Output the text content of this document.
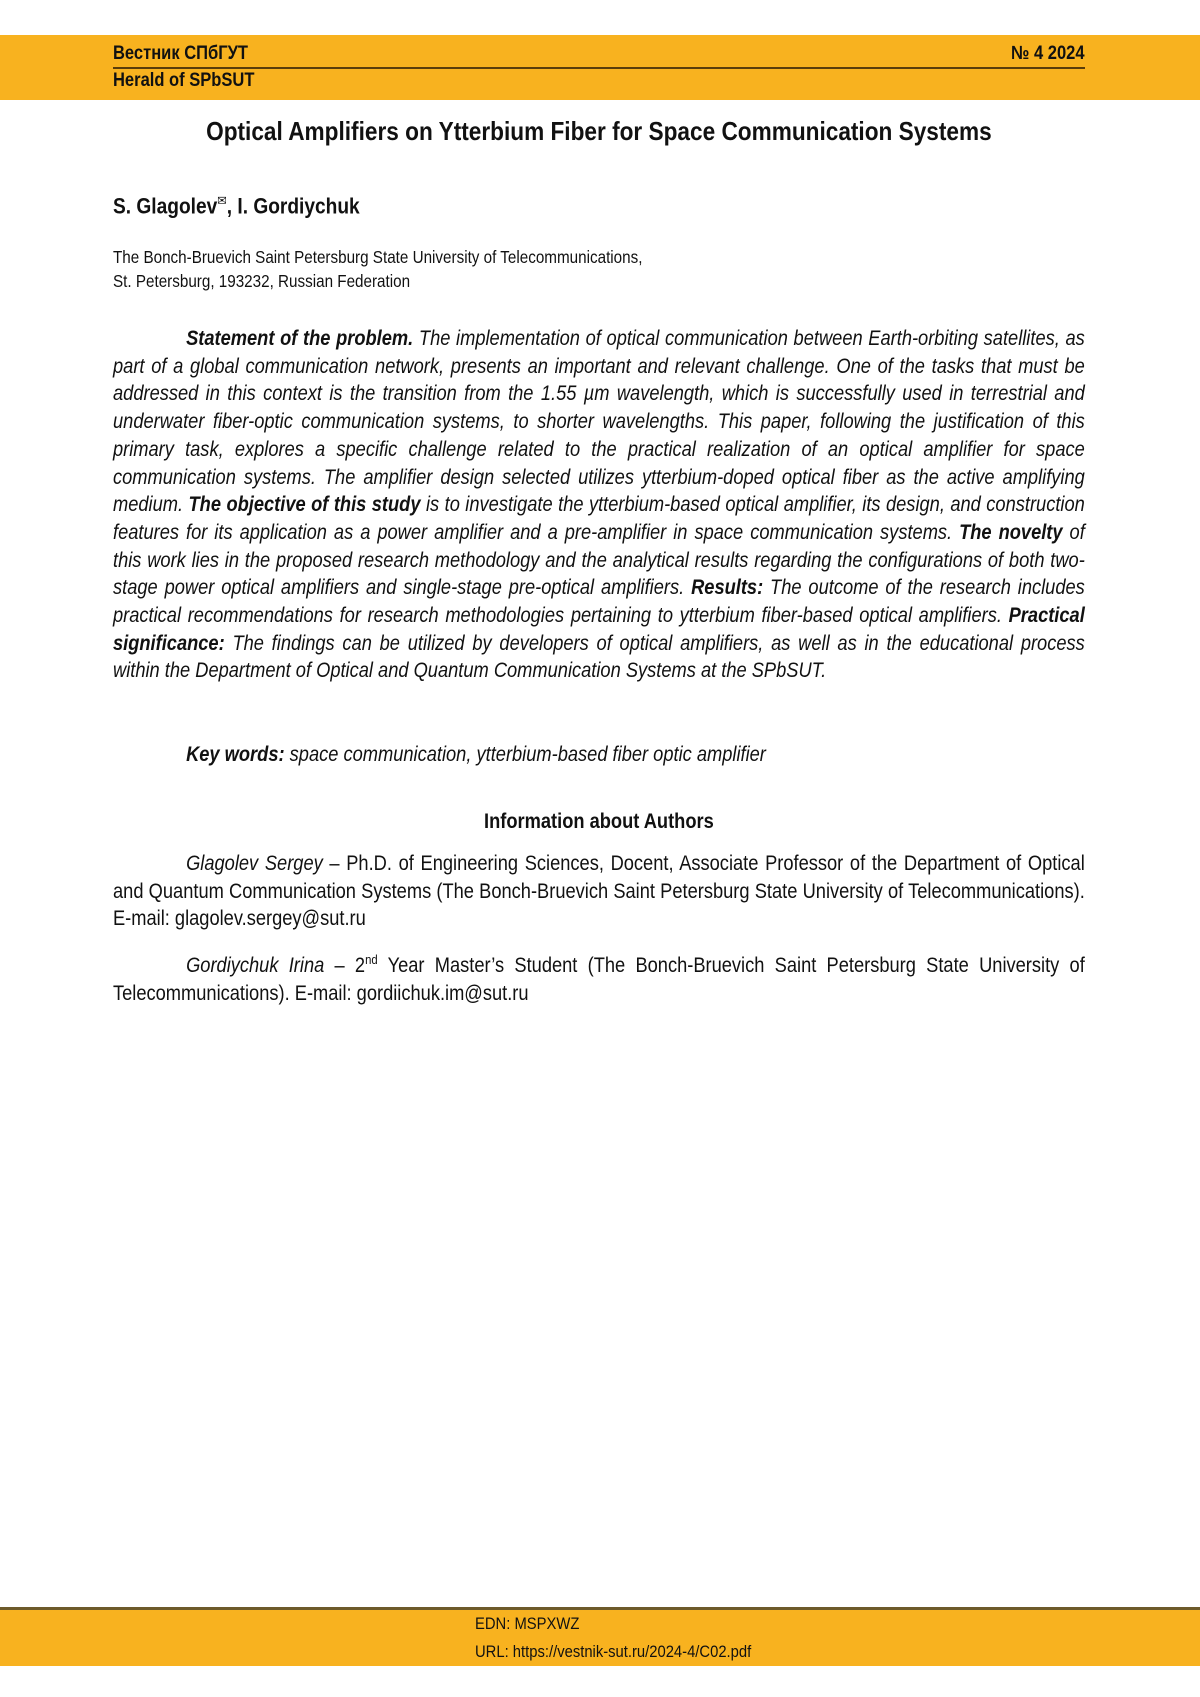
Вестник СПбГУТ	№ 4 2024
Herald of SPbSUT
Optical Amplifiers on Ytterbium Fiber for Space Communication Systems
S. Glagolev✉, I. Gordiychuk
The Bonch-Bruevich Saint Petersburg State University of Telecommunications,
St. Petersburg, 193232, Russian Federation
Statement of the problem. The implementation of optical communication between Earth-orbiting satellites, as part of a global communication network, presents an important and relevant challenge. One of the tasks that must be addressed in this context is the transition from the 1.55 µm wavelength, which is successfully used in terrestrial and underwater fiber-optic communication systems, to shorter wavelengths. This paper, following the justification of this primary task, explores a specific challenge related to the practical realization of an optical amplifier for space communication systems. The amplifier design selected utilizes ytterbium-doped optical fiber as the active amplifying medium. The objective of this study is to investigate the ytterbium-based optical amplifier, its design, and construction features for its application as a power amplifier and a pre-amplifier in space communication systems. The novelty of this work lies in the proposed research methodology and the analytical results regarding the configurations of both two-stage power optical amplifiers and single-stage pre-optical amplifiers. Results: The outcome of the research includes practical recommendations for research methodologies pertaining to ytterbium fiber-based optical amplifiers. Practical significance: The findings can be utilized by developers of optical amplifiers, as well as in the educational process within the Department of Optical and Quantum Communication Systems at the SPbSUT.
Key words: space communication, ytterbium-based fiber optic amplifier
Information about Authors
Glagolev Sergey – Ph.D. of Engineering Sciences, Docent, Associate Professor of the Department of Optical and Quantum Communication Systems (The Bonch-Bruevich Saint Petersburg State University of Telecommunications). E-mail: glagolev.sergey@sut.ru
Gordiychuk Irina – 2nd Year Master’s Student (The Bonch-Bruevich Saint Petersburg State University of Telecommunications). E-mail: gordiichuk.im@sut.ru
EDN: MSPXWZ
URL: https://vestnik-sut.ru/2024-4/C02.pdf
